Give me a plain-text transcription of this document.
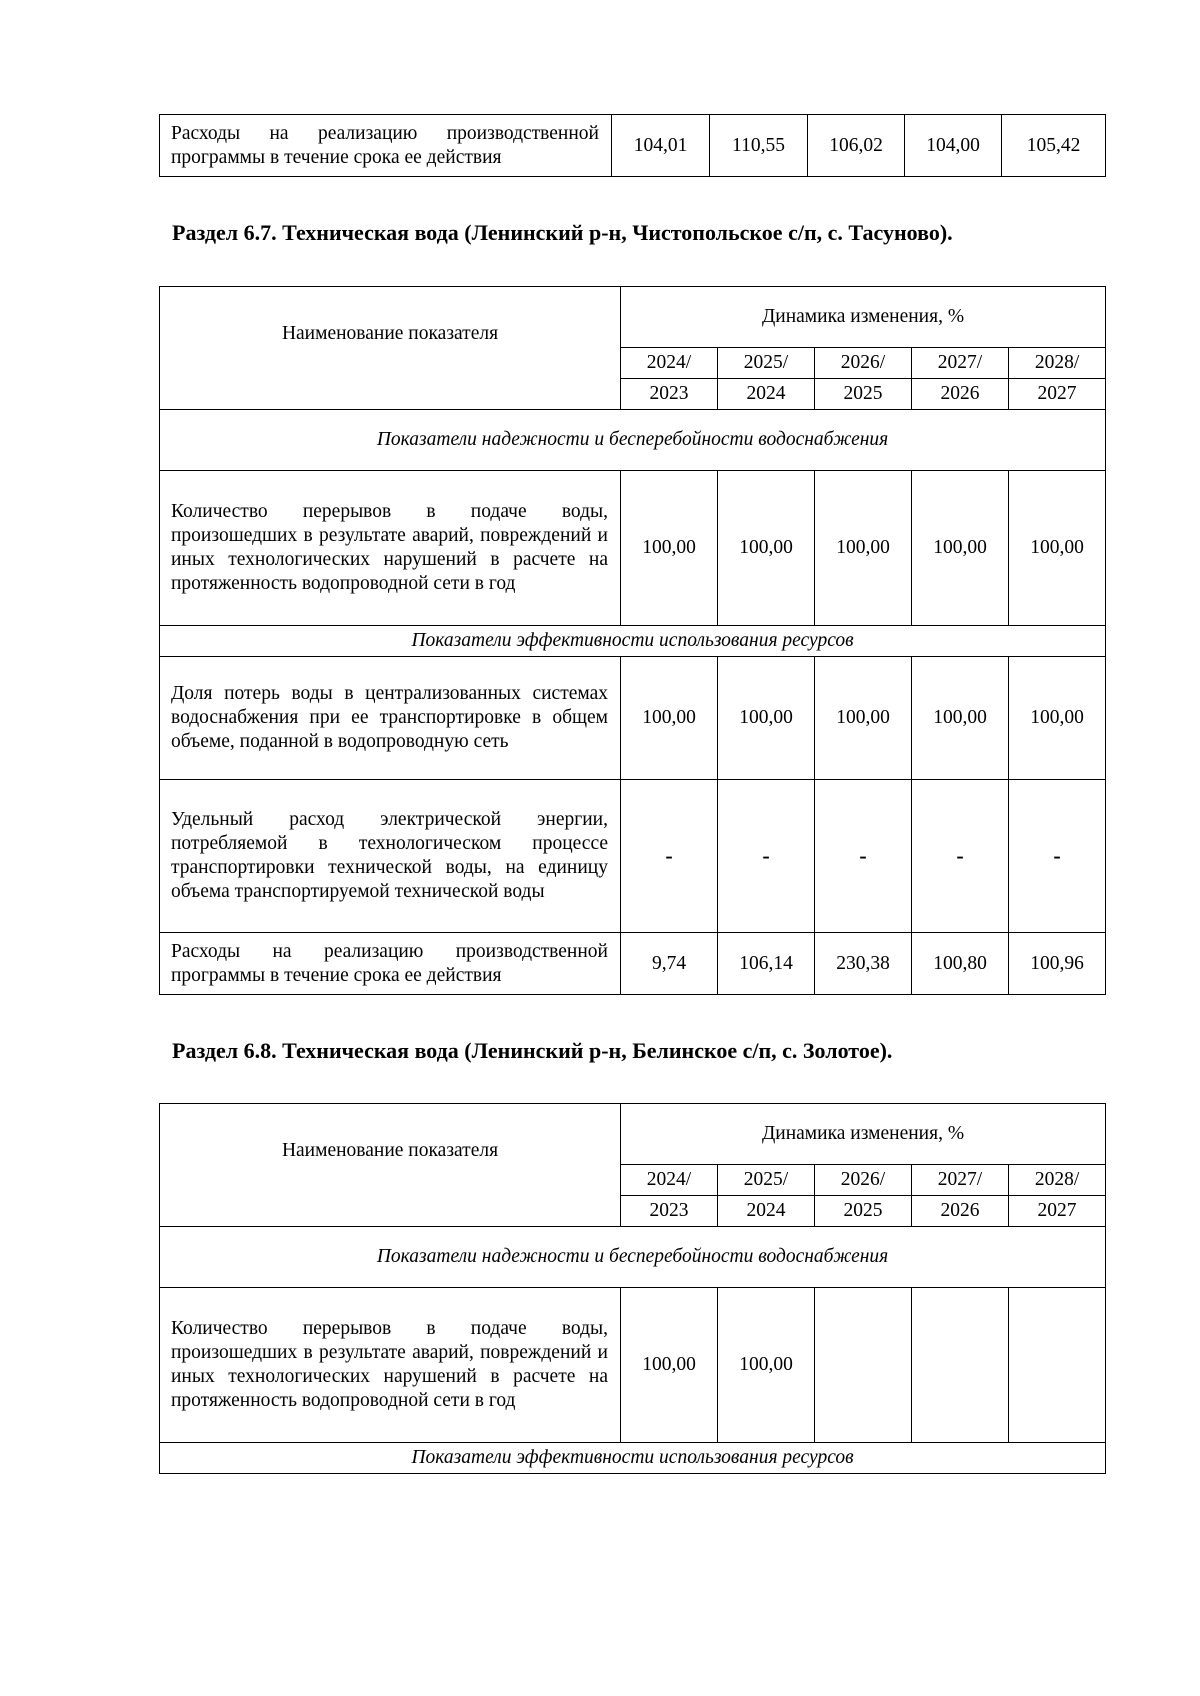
Расходы на реализацию производственной программы в течение срока ее действия	104,01	110,55	106,02	104,00	105,42
Раздел 6.7. Техническая вода (Ленинский р-н, Чистопольское с/п, с. Тасуново).
Наименование показателя	Динамика изменения, %				
	2024/	2025/	2026/	2027/	2028/
	2023	2024	2025	2026	2027
Показатели надежности и бесперебойности водоснабжения					
Количество перерывов в подаче воды, произошедших в результате аварий, повреждений и иных технологических нарушений в расчете на протяженность водопроводной сети в год	100,00	100,00	100,00	100,00	100,00
Показатели эффективности использования ресурсов					
Доля потерь воды в централизованных системах водоснабжения при ее транспортировке в общем объеме, поданной в водопроводную сеть	100,00	100,00	100,00	100,00	100,00
Удельный расход электрической энергии, потребляемой в технологическом процессе транспортировки технической воды, на единицу объема транспортируемой технической воды	-	-	-	-	-
Расходы на реализацию производственной программы в течение срока ее действия	9,74	106,14	230,38	100,80	100,96
Раздел 6.8. Техническая вода (Ленинский р-н, Белинское с/п, с. Золотое).
Наименование показателя	Динамика изменения, %				
	2024/	2025/	2026/	2027/	2028/
	2023	2024	2025	2026	2027
Показатели надежности и бесперебойности водоснабжения					
Количество перерывов в подаче воды, произошедших в результате аварий, повреждений и иных технологических нарушений в расчете на протяженность водопроводной сети в год	100,00	100,00			
Показатели эффективности использования ресурсов					
